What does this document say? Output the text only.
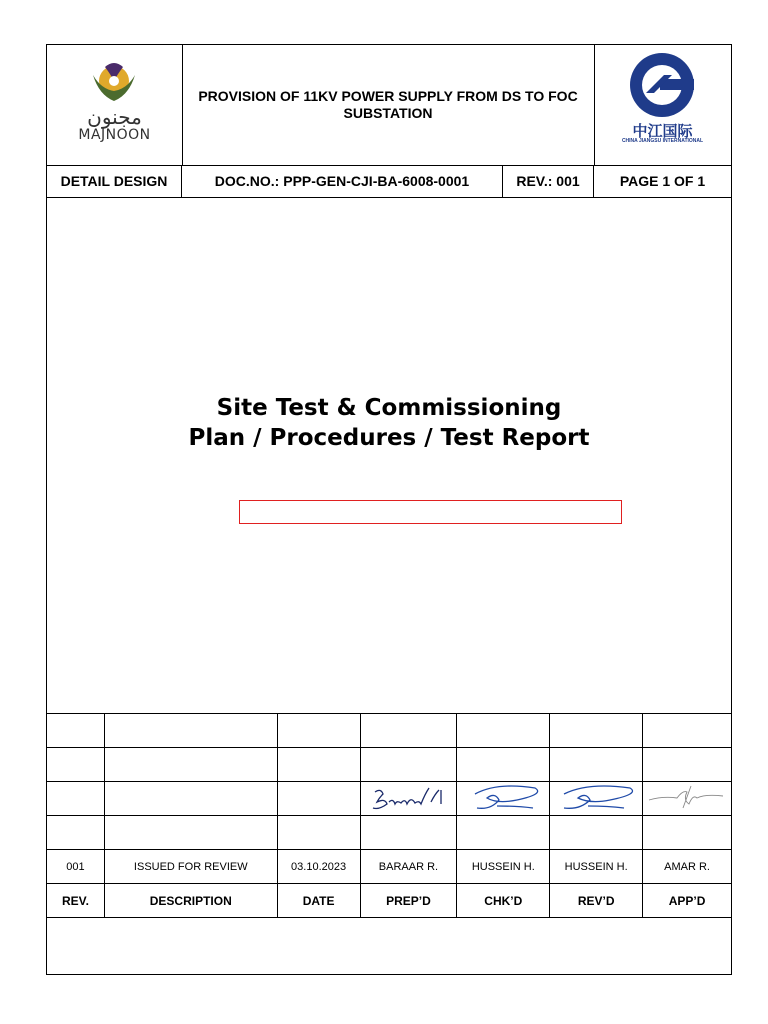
مجنون
MAJNOON
PROVISION OF 11KV POWER SUPPLY FROM DS TO FOC SUBSTATION
中江国际
CHINA JIANGSU INTERNATIONAL
DETAIL DESIGN	DOC.NO.: PPP-GEN-CJI-BA-6008-0001	REV.: 001	PAGE 1 OF 1
Site Test & Commissioning
Plan / Procedures / Test Report

001	ISSUED FOR REVIEW	03.10.2023	BARAAR R.	HUSSEIN H.	HUSSEIN H.	AMAR R.
REV.	DESCRIPTION	DATE	PREP’D	CHK’D	REV’D	APP’D
